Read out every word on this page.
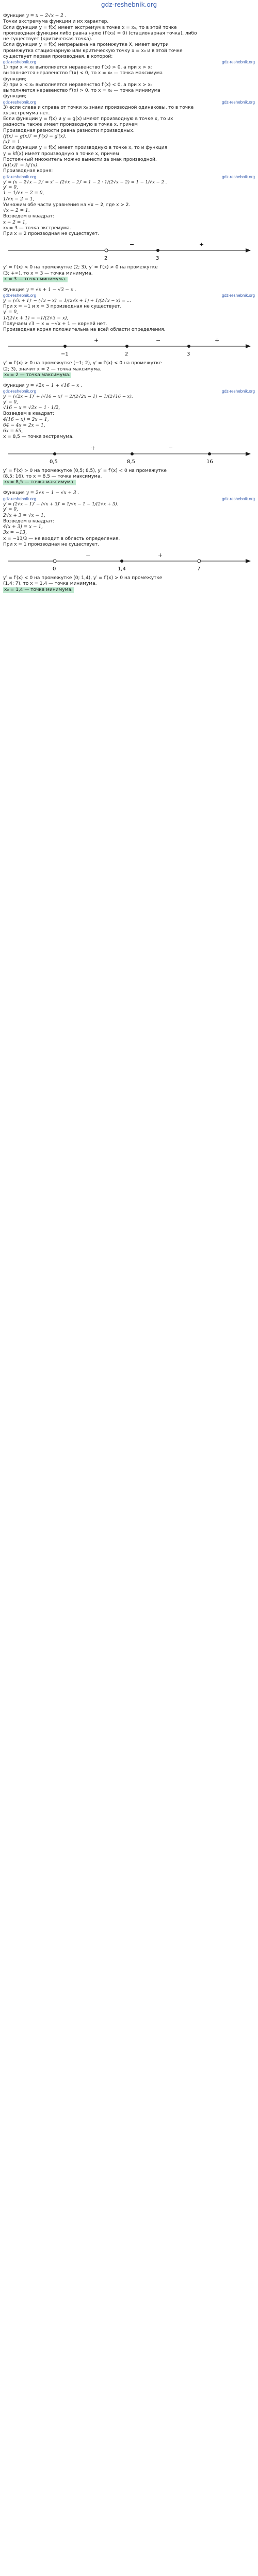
gdz-reshebnik.org

Функция y = x − 2√x − 2 .

Точки экстремума функции и их характер.

Если функция y = f(x) имеет экстремум в точке x = x₀, то в этой точке

производная функции либо равна нулю (f′(x₀) = 0) (стационарная точка), либо

не существует (критическая точка).

Если функция y = f(x) непрерывна на промежутке X, имеет внутри

промежутка стационарную или критическую точку x = x₀ и в этой точке

существует первая производная, в которой:

gdz-reshebnik.org	gdz-reshebnik.org

1) при x < x₀ выполняется неравенство f′(x) > 0, а при x > x₀

выполняется неравенство f′(x) < 0, то x = x₀ — точка максимума

функции;

2) при x < x₀ выполняется неравенство f′(x) < 0, а при x > x₀

выполняется неравенство f′(x) > 0, то x = x₀ — точка минимума

функции;

gdz-reshebnik.org	gdz-reshebnik.org

3) если слева и справа от точки x₀ знаки производной одинаковы, то в точке

x₀ экстремума нет.

Если функции y = f(x) и y = g(x) имеют производную в точке x, то их

разность также имеет производную в точке x, причем

Производная разности равна разности производных.

(f(x) − g(x))′ = f′(x) − g′(x).

(x)′ = 1.

Если функция y = f(x) имеет производную в точке x, то и функция

y = kf(x) имеет производную в точке x, причем

Постоянный множитель можно вынести за знак производной.

(kf(x))′ = kf′(x).

Производная корня:

gdz-reshebnik.org	gdz-reshebnik.org

y′ = (x − 2√x − 2)′ = x′ − (2√x − 2)′ = 1 − 2 · 1/(2√x − 2) = 1 − 1/√x − 2 .

y′ = 0,

1 − 1/√x − 2 = 0,

1/√x − 2 = 1,

Умножим обе части уравнения на √x − 2, где x > 2.

√x − 2 = 1.

Возведем в квадрат:

x − 2 = 1,

x₀ = 3 — точка экстремума.

При x = 2 производная не существует.

2	3
−	+

y′ = f′(x) < 0 на промежутке (2; 3), y′ = f′(x) > 0 на промежутке

(3; +∞), то x = 3 — точка минимума.

x = 3 — точка минимума.

Функция y = √x + 1 − √3 − x .

gdz-reshebnik.org	gdz-reshebnik.org

y′ = (√x + 1)′ − (√3 − x)′ = 1/(2√x + 1) + 1/(2√3 − x) = ...

При x = −1 и x = 3 производная не существует.

y′ = 0,

1/(2√x + 1) = −1/(2√3 − x),

Получаем √3 − x = −√x + 1 — корней нет.

Производная корня положительна на всей области определения.

−1	2	3
+	−	+

y′ = f′(x) > 0 на промежутке (−1; 2), y′ = f′(x) < 0 на промежутке

(2; 3), значит x = 2 — точка максимума.

x₀ = 2 — точка максимума.

Функция y = √2x − 1 + √16 − x .

gdz-reshebnik.org	gdz-reshebnik.org

y′ = (√2x − 1)′ + (√16 − x)′ = 2/(2√2x − 1) − 1/(2√16 − x).

y′ = 0,

√16 − x = √2x − 1 · 1/2,

Возведем в квадрат:

4(16 − x) = 2x − 1,

64 − 4x = 2x − 1,

6x = 65,

x = 8,5 — точка экстремума.

0,5	8,5	16
+	−

y′ = f′(x) > 0 на промежутке (0,5; 8,5), y′ = f′(x) < 0 на промежутке

(8,5; 16), то x = 8,5 — точка максимума.

x₀ = 8,5 — точка максимума.

Функция y = 2√x − 1 − √x + 3 .

gdz-reshebnik.org	gdz-reshebnik.org

y′ = (2√x − 1)′ − (√x + 3)′ = 1/√x − 1 − 1/(2√x + 3).

y′ = 0,

2√x + 3 = √x − 1,

Возведем в квадрат:

4(x + 3) = x − 1,

3x = −13,

x = −13/3 — не входит в область определения.

При x = 1 производная не существует.

0	1,4	7
−	+

y′ = f′(x) < 0 на промежутке (0; 1,4), y′ = f′(x) > 0 на промежутке

(1,4; 7), то x = 1,4 — точка минимума.

x₀ = 1,4 — точка минимума.
